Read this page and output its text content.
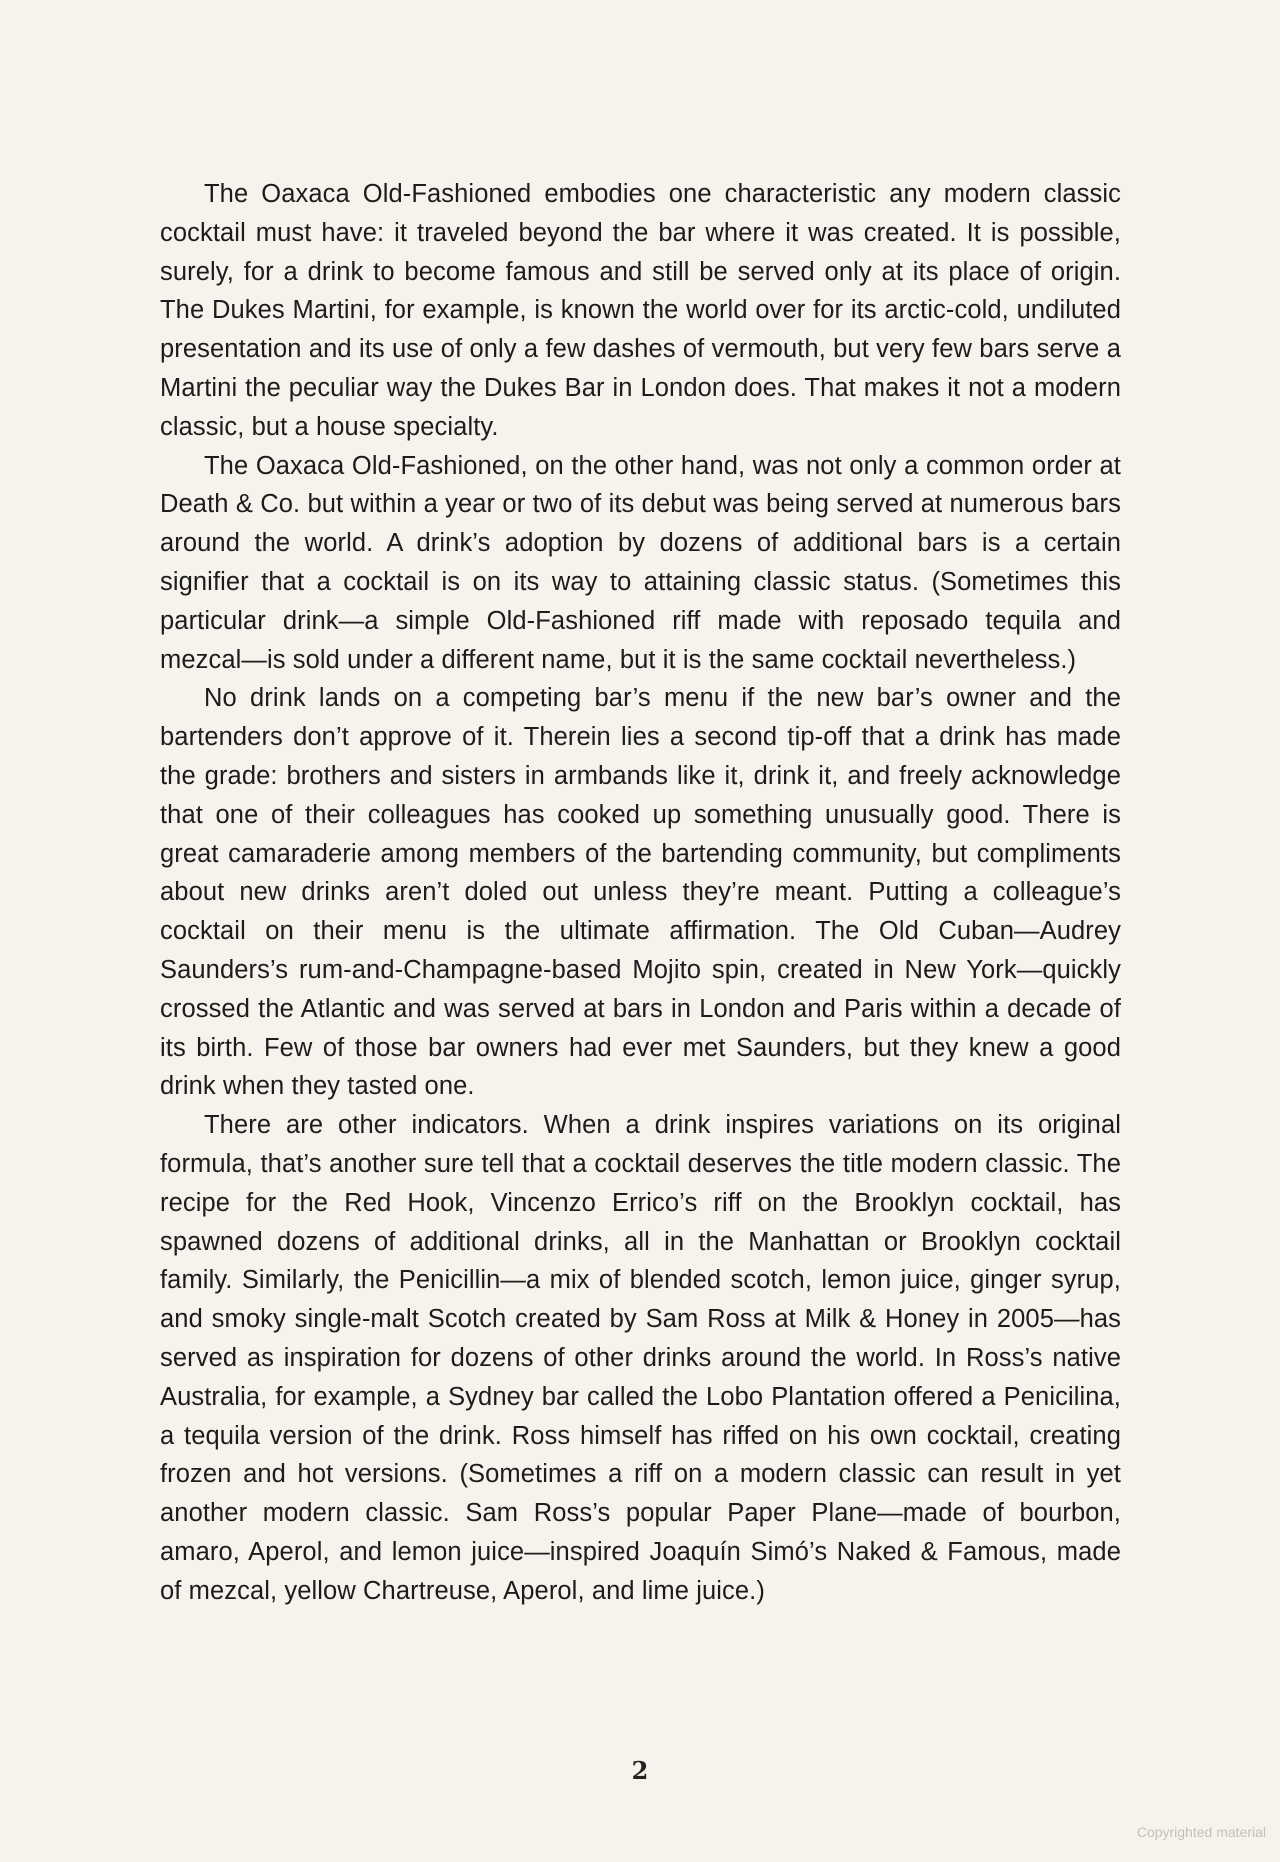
The Oaxaca Old-Fashioned embodies one characteristic any modern classic cocktail must have: it traveled beyond the bar where it was created. It is possible, surely, for a drink to become famous and still be served only at its place of origin. The Dukes Martini, for example, is known the world over for its arctic-cold, undiluted presentation and its use of only a few dashes of vermouth, but very few bars serve a Martini the peculiar way the Dukes Bar in London does. That makes it not a modern classic, but a house specialty.

The Oaxaca Old-Fashioned, on the other hand, was not only a common order at Death & Co. but within a year or two of its debut was being served at numerous bars around the world. A drink’s adoption by dozens of additional bars is a certain signifier that a cocktail is on its way to attaining classic status. (Sometimes this particular drink—a simple Old-Fashioned riff made with reposado tequila and mezcal—is sold under a different name, but it is the same cocktail nevertheless.)

No drink lands on a competing bar’s menu if the new bar’s owner and the bartenders don’t approve of it. Therein lies a second tip-off that a drink has made the grade: brothers and sisters in armbands like it, drink it, and freely acknowledge that one of their colleagues has cooked up something unusually good. There is great camaraderie among members of the bartending community, but compliments about new drinks aren’t doled out unless they’re meant. Putting a colleague’s cocktail on their menu is the ultimate affirmation. The Old Cuban—Audrey Saunders’s rum-and-Champagne-based Mojito spin, created in New York—quickly crossed the Atlantic and was served at bars in London and Paris within a decade of its birth. Few of those bar owners had ever met Saunders, but they knew a good drink when they tasted one.

There are other indicators. When a drink inspires variations on its original formula, that’s another sure tell that a cocktail deserves the title modern classic. The recipe for the Red Hook, Vincenzo Errico’s riff on the Brooklyn cocktail, has spawned dozens of additional drinks, all in the Manhattan or Brooklyn cocktail family. Similarly, the Penicillin—a mix of blended scotch, lemon juice, ginger syrup, and smoky single-malt Scotch created by Sam Ross at Milk & Honey in 2005—has served as inspiration for dozens of other drinks around the world. In Ross’s native Australia, for example, a Sydney bar called the Lobo Plantation offered a Penicilina, a tequila version of the drink. Ross himself has riffed on his own cocktail, creating frozen and hot versions. (Sometimes a riff on a modern classic can result in yet another modern classic. Sam Ross’s popular Paper Plane—made of bourbon, amaro, Aperol, and lemon juice—inspired Joaquín Simó’s Naked & Famous, made of mezcal, yellow Chartreuse, Aperol, and lime juice.)

2
Copyrighted material
